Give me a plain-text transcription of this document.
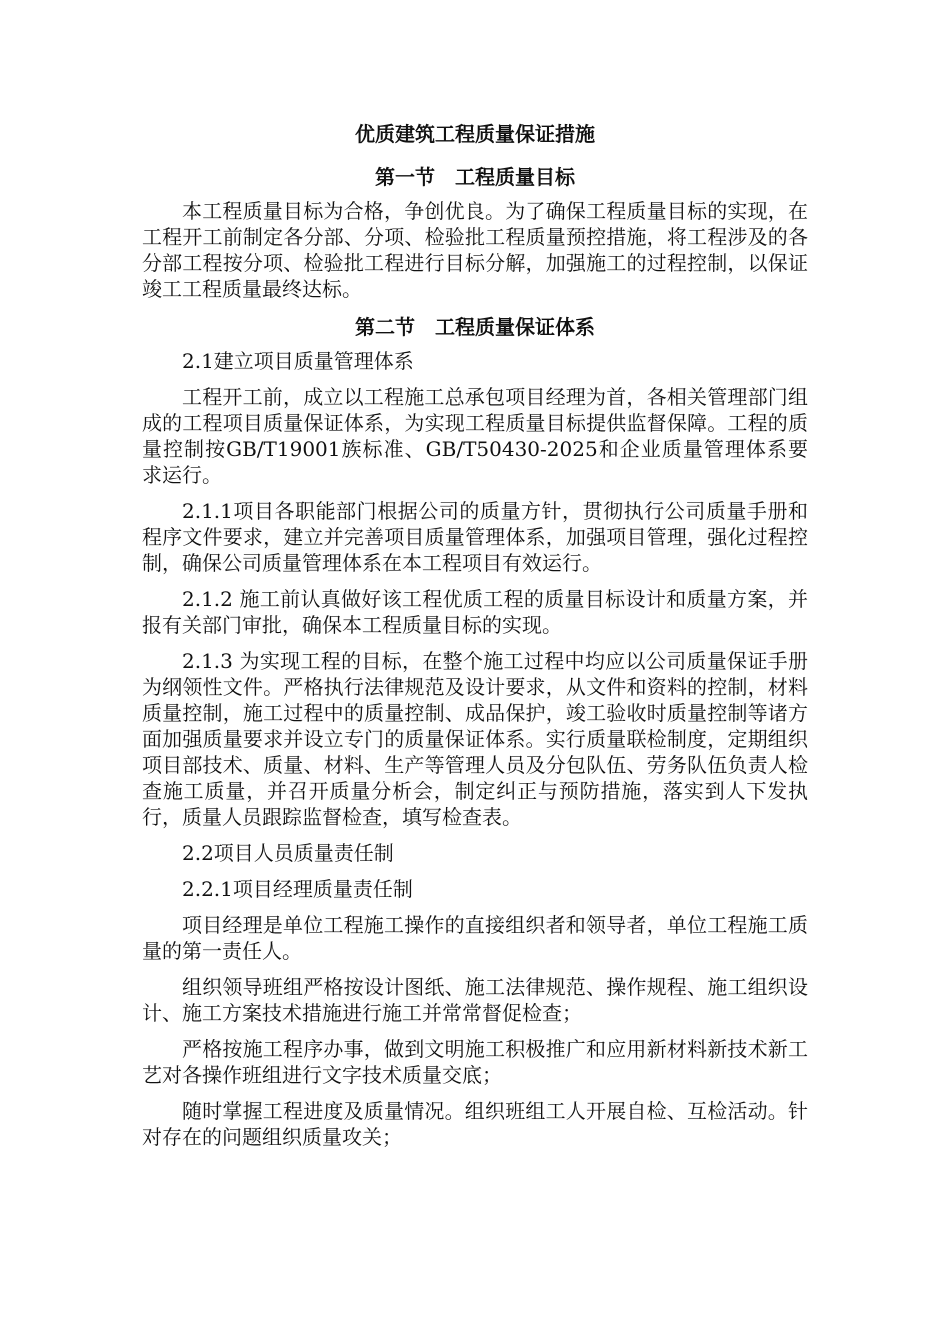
优质建筑工程质量保证措施
第一节　工程质量目标

本工程质量目标为合格，争创优良。为了确保工程质量目标的实现，在工程开工前制定各分部、分项、检验批工程质量预控措施，将工程涉及的各分部工程按分项、检验批工程进行目标分解，加强施工的过程控制，以保证竣工工程质量最终达标。

第二节　工程质量保证体系

2.1建立项目质量管理体系

工程开工前，成立以工程施工总承包项目经理为首，各相关管理部门组成的工程项目质量保证体系，为实现工程质量目标提供监督保障。工程的质量控制按GB/T19001族标准、GB/T50430-2025和企业质量管理体系要求运行。

2.1.1项目各职能部门根据公司的质量方针，贯彻执行公司质量手册和程序文件要求，建立并完善项目质量管理体系，加强项目管理，强化过程控制，确保公司质量管理体系在本工程项目有效运行。

2.1.2 施工前认真做好该工程优质工程的质量目标设计和质量方案，并报有关部门审批，确保本工程质量目标的实现。

2.1.3 为实现工程的目标，在整个施工过程中均应以公司质量保证手册为纲领性文件。严格执行法律规范及设计要求，从文件和资料的控制，材料质量控制，施工过程中的质量控制、成品保护，竣工验收时质量控制等诸方面加强质量要求并设立专门的质量保证体系。实行质量联检制度，定期组织项目部技术、质量、材料、生产等管理人员及分包队伍、劳务队伍负责人检查施工质量，并召开质量分析会，制定纠正与预防措施，落实到人下发执行，质量人员跟踪监督检查，填写检查表。

2.2项目人员质量责任制

2.2.1项目经理质量责任制

项目经理是单位工程施工操作的直接组织者和领导者，单位工程施工质量的第一责任人。

组织领导班组严格按设计图纸、施工法律规范、操作规程、施工组织设计、施工方案技术措施进行施工并常常督促检查；

严格按施工程序办事，做到文明施工积极推广和应用新材料新技术新工艺对各操作班组进行文字技术质量交底；

随时掌握工程进度及质量情况。组织班组工人开展自检、互检活动。针对存在的问题组织质量攻关；
